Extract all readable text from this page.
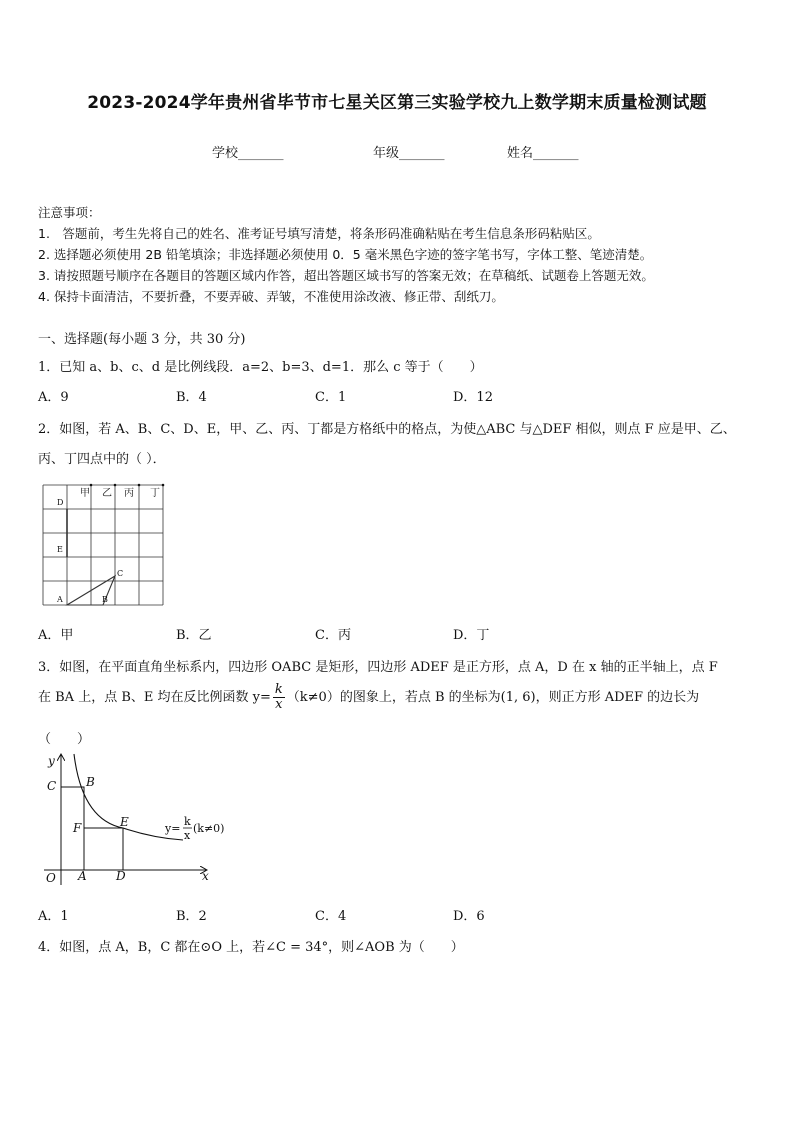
2023-2024学年贵州省毕节市七星关区第三实验学校九上数学期末质量检测试题
学校_______	年级_______	姓名_______
注意事项：
1.　答题前，考生先将自己的姓名、准考证号填写清楚，将条形码准确粘贴在考生信息条形码粘贴区。
2. 选择题必须使用 2B 铅笔填涂；非选择题必须使用 0．5 毫米黑色字迹的签字笔书写，字体工整、笔迹清楚。
3. 请按照题号顺序在各题目的答题区域内作答，超出答题区域书写的答案无效；在草稿纸、试题卷上答题无效。
4. 保持卡面清洁，不要折叠，不要弄破、弄皱，不准使用涂改液、修正带、刮纸刀。
一、选择题(每小题 3 分，共 30 分)
1．已知 a、b、c、d 是比例线段．a=2、b=3、d=1．那么 c 等于（　　）
A．9	B．4	C．1	D．12
2．如图，若 A、B、C、D、E，甲、乙、丙、丁都是方格纸中的格点，为使△ABC 与△DEF 相似，则点 F 应是甲、乙、
丙、丁四点中的（ ）．
甲 乙 丙 丁
D
E
C
A	B
A．甲	B．乙	C．丙	D．丁
3．如图，在平面直角坐标系内，四边形 OABC 是矩形，四边形 ADEF 是正方形，点 A，D 在 x 轴的正半轴上，点 F
在 BA 上，点 B、E 均在反比例函数 $y= \frac{k}{x} (k\ne 0)$的图象上，若点 B 的坐标为(1, 6)，则正方形 ADEF 的边长为
（　　）
y
x
O A D
C B
F	E	y=
k
x
(k≠0)
A．1	B．2	C．4	D．6
4．如图，点 A，B，C 都在⊙O 上，若∠C = 34°，则∠AOB 为（　　）
